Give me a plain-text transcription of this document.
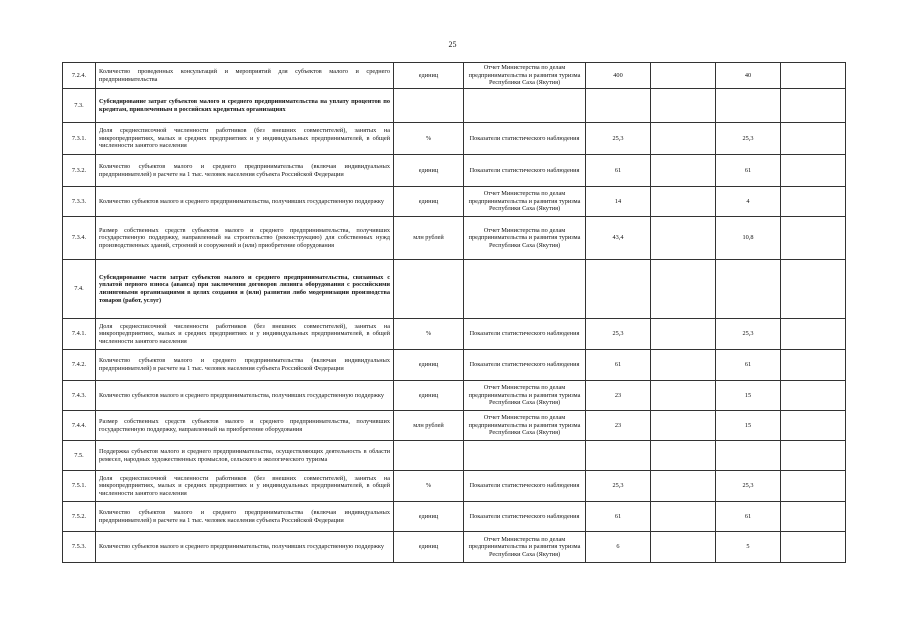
25
7.2.4.	Количество проведенных консультаций и мероприятий для субъектов малого и среднего предпринимательства	единиц	Отчет Министерства по делам предпринимательства и развития туризма Республики Саха (Якутия)	400		40	
7.3.	Субсидирование затрат субъектов малого и среднего предпринимательства на уплату процентов по кредитам, привлеченным в российских кредитных организациях						
7.3.1.	Доля среднесписочной численности работников (без внешних совместителей), занятых на микропредприятиях, малых и средних предприятиях и у индивидуальных предпринимателей, в общей численности занятого населения	%	Показатели статистического наблюдения	25,3		25,3	
7.3.2.	Количество субъектов малого и среднего предпринимательства (включая индивидуальных предпринимателей) в расчете на 1 тыс. человек населения субъекта Российской Федерации	единиц	Показатели статистического наблюдения	61		61	
7.3.3.	Количество субъектов малого и среднего предпринимательства, получивших государственную поддержку	единиц	Отчет Министерства по делам предпринимательства и развития туризма Республики Саха (Якутия)	14		4	
7.3.4.	Размер собственных средств субъектов малого и среднего предпринимательства, получивших государственную поддержку, направленный на строительство (реконструкцию) для собственных нужд производственных зданий, строений и сооружений и (или) приобретение оборудования	млн рублей	Отчет Министерства по делам предпринимательства и развития туризма Республики Саха (Якутия)	43,4		10,8	
7.4.	Субсидирование части затрат субъектов малого и среднего предпринимательства, связанных с уплатой первого взноса (аванса) при заключении договоров лизинга оборудования с российскими лизинговыми организациями в целях создания и (или) развития либо модернизации производства товаров (работ, услуг)						
7.4.1.	Доля среднесписочной численности работников (без внешних совместителей), занятых на микропредприятиях, малых и средних предприятиях и у индивидуальных предпринимателей, в общей численности занятого населения	%	Показатели статистического наблюдения	25,3		25,3	
7.4.2.	Количество субъектов малого и среднего предпринимательства (включая индивидуальных предпринимателей) в расчете на 1 тыс. человек населения субъекта Российской Федерации	единиц	Показатели статистического наблюдения	61		61	
7.4.3.	Количество субъектов малого и среднего предпринимательства, получивших государственную поддержку	единиц	Отчет Министерства по делам предпринимательства и развития туризма Республики Саха (Якутия)	23		15	
7.4.4.	Размер собственных средств субъектов малого и среднего предпринимательства, получивших государственную поддержку, направленный на приобретение оборудования	млн рублей	Отчет Министерства по делам предпринимательства и развития туризма Республики Саха (Якутия)	23		15	
7.5.	Поддержка субъектов малого и среднего предпринимательства, осуществляющих деятельность в области ремесел, народных художественных промыслов, сельского и экологического туризма						
7.5.1.	Доля среднесписочной численности работников (без внешних совместителей), занятых на микропредприятиях, малых и средних предприятиях и у индивидуальных предпринимателей, в общей численности занятого населения	%	Показатели статистического наблюдения	25,3		25,3	
7.5.2.	Количество субъектов малого и среднего предпринимательства (включая индивидуальных предпринимателей) в расчете на 1 тыс. человек населения субъекта Российской Федерации	единиц	Показатели статистического наблюдения	61		61	
7.5.3.	Количество субъектов малого и среднего предпринимательства, получивших государственную поддержку	единиц	Отчет Министерства по делам предпринимательства и развития туризма Республики Саха (Якутия)	6		5	
